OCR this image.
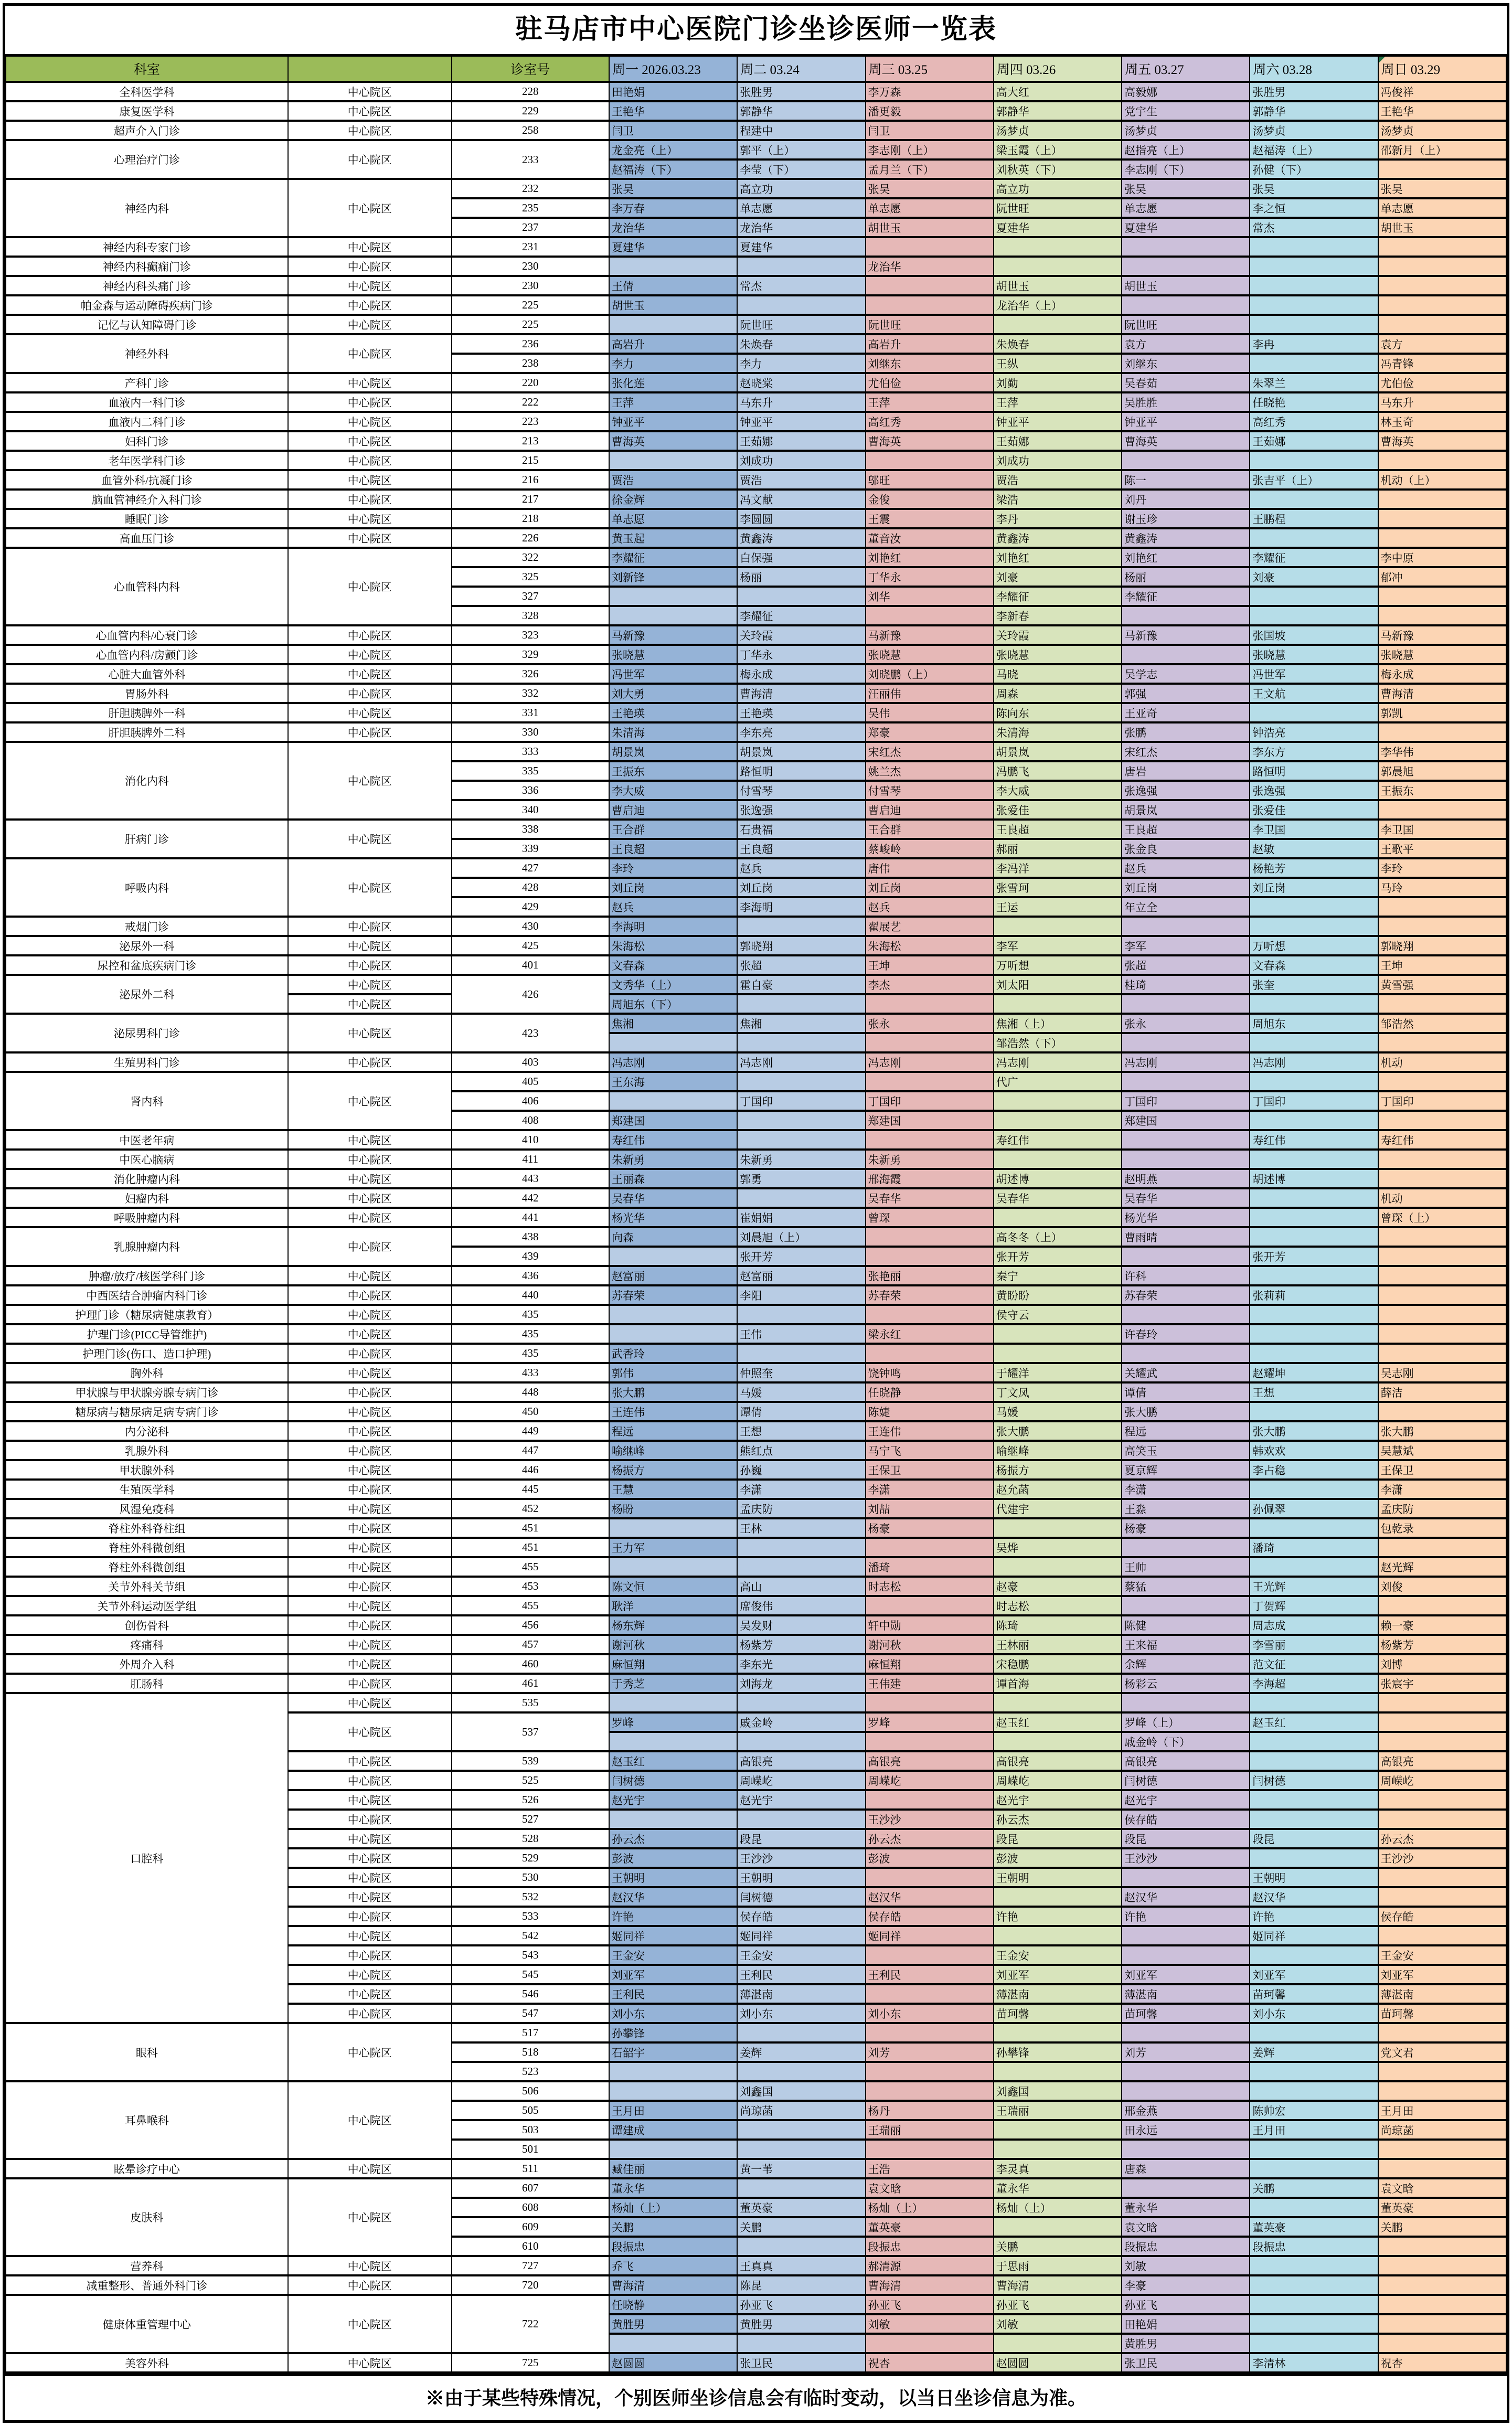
驻马店市中心医院门诊坐诊医师一览表
科室		诊室号	周一 2026.03.23	周二 03.24	周三 03.25	周四 03.26	周五 03.27	周六 03.28	周日 03.29
全科医学科	中心院区	228	田艳娟	张胜男	李万森	高大红	高毅娜	张胜男	冯俊祥
康复医学科	中心院区	229	王艳华	郭静华	潘更毅	郭静华	党宇生	郭静华	王艳华
超声介入门诊	中心院区	258	闫卫	程建中	闫卫	汤梦贞	汤梦贞	汤梦贞	汤梦贞
心理治疗门诊	中心院区	233	龙金亮（上）	郭平（上）	李志刚（上）	梁玉霞（上）	赵指亮（上）	赵福涛（上）	邵新月（上）
			赵福涛（下）	李莹（下）	孟月兰（下）	刘秋英（下）	李志刚（下）	孙健（下）	
神经内科	中心院区	232	张昊	高立功	张昊	高立功	张昊	张昊	张昊
		235	李万春	单志愿	单志愿	阮世旺	单志愿	李之恒	单志愿
		237	龙治华	龙治华	胡世玉	夏建华	夏建华	常杰	胡世玉
神经内科专家门诊	中心院区	231	夏建华	夏建华					
神经内科癫痫门诊	中心院区	230			龙治华				
神经内科头痛门诊	中心院区	230	王倩	常杰		胡世玉	胡世玉		
帕金森与运动障碍疾病门诊	中心院区	225	胡世玉			龙治华（上）			
记忆与认知障碍门诊	中心院区	225		阮世旺	阮世旺		阮世旺		
神经外科	中心院区	236	高岩升	朱焕春	高岩升	朱焕春	袁方	李冉	袁方
		238	李力	李力	刘继东	王纵	刘继东		冯青锋
产科门诊	中心院区	220	张化莲	赵晓棠	尤伯俭	刘勤	吴春茹	朱翠兰	尤伯俭
血液内一科门诊	中心院区	222	王萍	马东升	王萍	王萍	吴胜胜	任晓艳	马东升
血液内二科门诊	中心院区	223	钟亚平	钟亚平	高红秀	钟亚平	钟亚平	高红秀	林玉奇
妇科门诊	中心院区	213	曹海英	王茹娜	曹海英	王茹娜	曹海英	王茹娜	曹海英
老年医学科门诊	中心院区	215		刘成功		刘成功			
血管外科/抗凝门诊	中心院区	216	贾浩	贾浩	邬旺	贾浩	陈一	张吉平（上）	机动（上）
脑血管神经介入科门诊	中心院区	217	徐金辉	冯文献	金俊	梁浩	刘丹		
睡眠门诊	中心院区	218	单志愿	李圆圆	王震	李丹	谢玉珍	王鹏程	
高血压门诊	中心院区	226	黄玉起	黄鑫涛	董音汝	黄鑫涛	黄鑫涛		
心血管科内科	中心院区	322	李耀征	白保强	刘艳红	刘艳红	刘艳红	李耀征	李中原
		325	刘新锋	杨丽	丁华永	刘豪	杨丽	刘豪	郁冲
		327			刘华	李耀征	李耀征		
		328		李耀征		李新春			
心血管内科/心衰门诊	中心院区	323	马新豫	关玲霞	马新豫	关玲霞	马新豫	张国坡	马新豫
心血管内科/房颤门诊	中心院区	329	张晓慧	丁华永	张晓慧	张晓慧		张晓慧	张晓慧
心脏大血管外科	中心院区	326	冯世军	梅永成	刘晓鹏（上）	马晓	吴学志	冯世军	梅永成
胃肠外科	中心院区	332	刘大勇	曹海清	汪丽伟	周森	郭强	王文航	曹海清
肝胆胰脾外一科	中心院区	331	王艳瑛	王艳瑛	吴伟	陈向东	王亚奇		郭凯
肝胆胰脾外二科	中心院区	330	朱清海	李东亮	郑豪	朱清海	张鹏	钟浩亮	
消化内科	中心院区	333	胡景岚	胡景岚	宋红杰	胡景岚	宋红杰	李东方	李华伟
		335	王振东	路恒明	姚兰杰	冯鹏飞	唐岩	路恒明	郭晨旭
		336	李大威	付雪琴	付雪琴	李大威	张逸强	张逸强	王振东
		340	曹启迪	张逸强	曹启迪	张爱佳	胡景岚	张爱佳	
肝病门诊	中心院区	338	王合群	石贵福	王合群	王良超	王良超	李卫国	李卫国
		339	王良超	王良超	蔡峻岭	郝丽	张金良	赵敏	王歌平
呼吸内科	中心院区	427	李玲	赵兵	唐伟	李冯洋	赵兵	杨艳芳	李玲
		428	刘丘岗	刘丘岗	刘丘岗	张雪珂	刘丘岗	刘丘岗	马玲
		429	赵兵	李海明	赵兵	王运	年立全		
戒烟门诊	中心院区	430	李海明		翟展艺				
泌尿外一科	中心院区	425	朱海松	郭晓翔	朱海松	李军	李军	万听想	郭晓翔
尿控和盆底疾病门诊	中心院区	401	文春森	张超	王坤	万听想	张超	文春森	王坤
泌尿外二科	中心院区	426	文秀华（上）	霍自豪	李杰	刘太阳	桂琦	张奎	黄雪强
	中心院区		周旭东（下）						
泌尿男科门诊	中心院区	423	焦湘	焦湘	张永	焦湘（上）	张永	周旭东	邹浩然
						邹浩然（下）			
生殖男科门诊	中心院区	403	冯志刚	冯志刚	冯志刚	冯志刚	冯志刚	冯志刚	机动
肾内科	中心院区	405	王东海			代广			
		406		丁国印	丁国印		丁国印	丁国印	丁国印
		408	郑建国		郑建国		郑建国		
中医老年病	中心院区	410	寿红伟			寿红伟		寿红伟	寿红伟
中医心脑病	中心院区	411	朱新勇	朱新勇	朱新勇				
消化肿瘤内科	中心院区	443	王丽森	郭勇	邢海霞	胡述博	赵明燕	胡述博	
妇瘤内科	中心院区	442	吴春华		吴春华	吴春华	吴春华		机动
呼吸肿瘤内科	中心院区	441	杨光华	崔娟娟	曾琛		杨光华		曾琛（上）
乳腺肿瘤内科	中心院区	438	向森	刘晨旭（上）		高冬冬（上）	曹雨晴		
		439		张开芳		张开芳		张开芳	
肿瘤/放疗/核医学科门诊	中心院区	436	赵富丽	赵富丽	张艳丽	秦宁	许科		
中西医结合肿瘤内科门诊	中心院区	440	苏春荣	李阳	苏春荣	黄盼盼	苏春荣	张莉莉	
护理门诊（糖尿病健康教育）	中心院区	435				侯守云			
护理门诊(PICC导管维护)	中心院区	435		王伟	梁永红		许春玲		
护理门诊(伤口、造口护理)	中心院区	435	武香玲						
胸外科	中心院区	433	郭伟	仲照奎	饶钟鸣	于耀洋	关耀武	赵耀坤	吴志刚
甲状腺与甲状腺旁腺专病门诊	中心院区	448	张大鹏	马媛	任晓静	丁文凤	谭倩	王想	薛洁
糖尿病与糖尿病足病专病门诊	中心院区	450	王连伟	谭倩	陈婕	马媛	张大鹏		
内分泌科	中心院区	449	程远	王想	王连伟	张大鹏	程远	张大鹏	张大鹏
乳腺外科	中心院区	447	喻继峰	熊红点	马宁飞	喻继峰	高笑玉	韩欢欢	吴慧斌
甲状腺外科	中心院区	446	杨振方	孙巍	王保卫	杨振方	夏京辉	李占稳	王保卫
生殖医学科	中心院区	445	王慧	李潇	李潇	赵允菡	李潇		李潇
风湿免疫科	中心院区	452	杨盼	孟庆防	刘喆	代建宇	王淼	孙佩翠	孟庆防
脊柱外科脊柱组	中心院区	451		王林	杨豪		杨豪		包乾录
脊柱外科微创组	中心院区	451	王力军			吴烨		潘琦	
脊柱外科微创组	中心院区	455			潘琦		王帅		赵光辉
关节外科关节组	中心院区	453	陈文恒	高山	时志松	赵豪	蔡猛	王光辉	刘俊
关节外科运动医学组	中心院区	455	耿洋	席俊伟		时志松		丁贺辉	
创伤骨科	中心院区	456	杨东辉	吴发财	轩中勋	陈琦	陈健	周志成	赖一豪
疼痛科	中心院区	457	谢河秋	杨紫芳	谢河秋	王林丽	王来福	李雪丽	杨紫芳
外周介入科	中心院区	460	麻恒翔	李东光	麻恒翔	宋稳鹏	余辉	范文征	刘博
肛肠科	中心院区	461	于秀芝	刘海龙	王伟建	谭首海	杨彩云	李海超	张宸宇
口腔科	中心院区	535							
	中心院区	537	罗峰	戚金岭	罗峰	赵玉红	罗峰（上）	赵玉红	
							戚金岭（下）		
	中心院区	539	赵玉红	高银亮	高银亮	高银亮	高银亮		高银亮
	中心院区	525	闫树德	周嵘屹	周嵘屹	周嵘屹	闫树德	闫树德	周嵘屹
	中心院区	526	赵光宇	赵光宇		赵光宇	赵光宇		
	中心院区	527			王沙沙	孙云杰	侯存皓		
	中心院区	528	孙云杰	段昆	孙云杰	段昆	段昆	段昆	孙云杰
	中心院区	529	彭波	王沙沙	彭波	彭波	王沙沙		王沙沙
	中心院区	530	王朝明	王朝明		王朝明		王朝明	
	中心院区	532	赵汉华	闫树德	赵汉华		赵汉华	赵汉华	
	中心院区	533	许艳	侯存皓	侯存皓	许艳	许艳	许艳	侯存皓
	中心院区	542	姬同祥	姬同祥	姬同祥			姬同祥	
	中心院区	543	王金安	王金安		王金安			王金安
	中心院区	545	刘亚军	王利民	王利民	刘亚军	刘亚军	刘亚军	刘亚军
	中心院区	546	王利民	薄湛南		薄湛南	薄湛南	苗珂馨	薄湛南
	中心院区	547	刘小东	刘小东	刘小东	苗珂馨	苗珂馨	刘小东	苗珂馨
眼科	中心院区	517	孙攀锋						
		518	石韶宇	姜辉	刘芳	孙攀锋	刘芳	姜辉	党文君
		523							
耳鼻喉科	中心院区	506		刘鑫国		刘鑫国			
		505	王月田	尚琼菡	杨丹	王瑞丽	邢金燕	陈帅宏	王月田
		503	谭建成		王瑞丽		田永远	王月田	尚琼菡
		501							
眩晕诊疗中心	中心院区	511	臧佳丽	黄一苇	王浩	李灵真	唐森		
皮肤科	中心院区	607	董永华		袁文晗	董永华		关鹏	袁文晗
		608	杨灿（上）	董英豪	杨灿（上）	杨灿（上）	董永华		董英豪
		609	关鹏	关鹏	董英豪		袁文晗	董英豪	关鹏
		610	段振忠		段振忠	关鹏	段振忠	段振忠	
营养科	中心院区	727	乔飞	王真真	郝清源	于思雨	刘敏		
减重整形、普通外科门诊	中心院区	720	曹海清	陈昆	曹海清	曹海清	李豪		
健康体重管理中心	中心院区	722	任晓静	孙亚飞	孙亚飞	孙亚飞	孙亚飞		
			黄胜男	黄胜男	刘敏	刘敏	田艳娟		
							黄胜男		
美容外科	中心院区	725	赵圆圆	张卫民	祝杏	赵圆圆	张卫民	李清林	祝杏
※由于某些特殊情况，个别医师坐诊信息会有临时变动，以当日坐诊信息为准。
